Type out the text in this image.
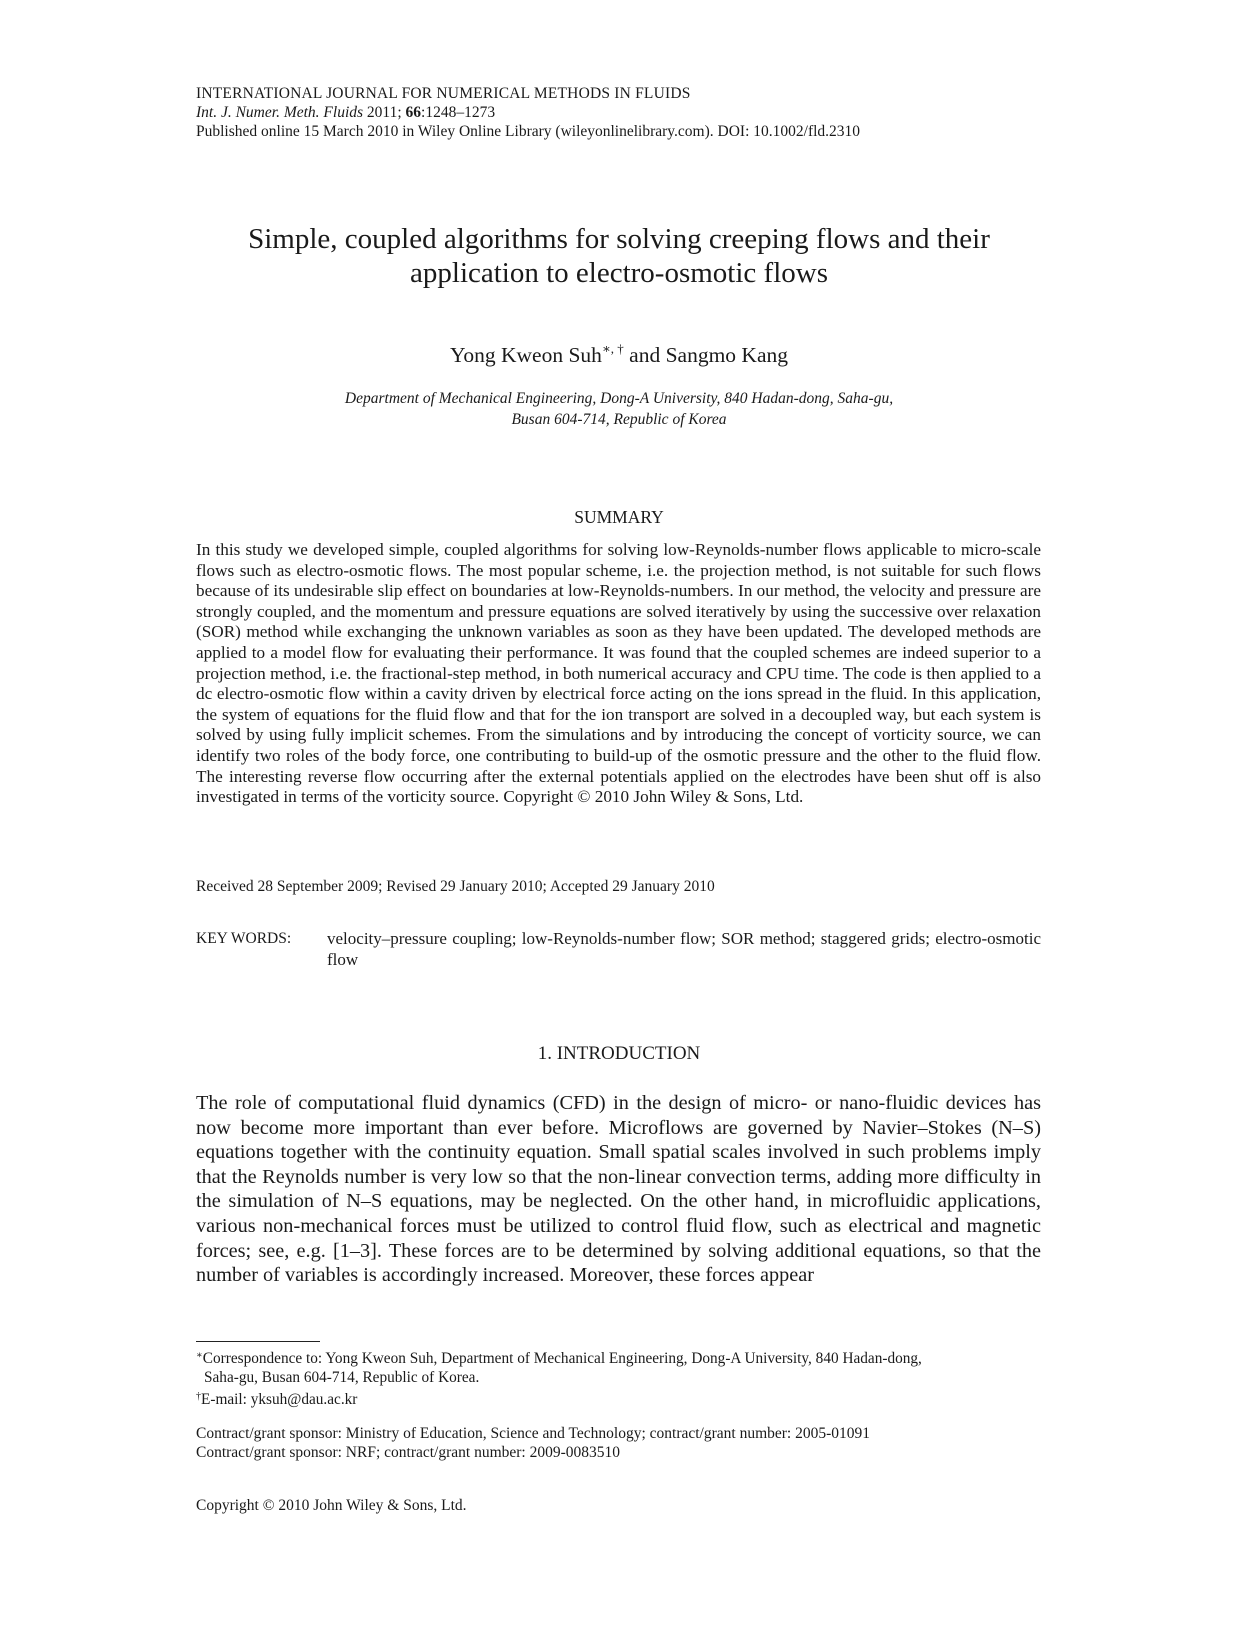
INTERNATIONAL JOURNAL FOR NUMERICAL METHODS IN FLUIDS
Int. J. Numer. Meth. Fluids 2011; 66:1248–1273
Published online 15 March 2010 in Wiley Online Library (wileyonlinelibrary.com). DOI: 10.1002/fld.2310
Simple, coupled algorithms for solving creeping flows and their
application to electro-osmotic flows
Yong Kweon Suh∗, † and Sangmo Kang
Department of Mechanical Engineering, Dong-A University, 840 Hadan-dong, Saha-gu,
Busan 604-714, Republic of Korea
SUMMARY
In this study we developed simple, coupled algorithms for solving low-Reynolds-number flows applicable to micro-scale flows such as electro-osmotic flows. The most popular scheme, i.e. the projection method, is not suitable for such flows because of its undesirable slip effect on boundaries at low-Reynolds-numbers. In our method, the velocity and pressure are strongly coupled, and the momentum and pressure equations are solved iteratively by using the successive over relaxation (SOR) method while exchanging the unknown variables as soon as they have been updated. The developed methods are applied to a model flow for evaluating their performance. It was found that the coupled schemes are indeed superior to a projection method, i.e. the fractional-step method, in both numerical accuracy and CPU time. The code is then applied to a dc electro-osmotic flow within a cavity driven by electrical force acting on the ions spread in the fluid. In this application, the system of equations for the fluid flow and that for the ion transport are solved in a decoupled way, but each system is solved by using fully implicit schemes. From the simulations and by introducing the concept of vorticity source, we can identify two roles of the body force, one contributing to build-up of the osmotic pressure and the other to the fluid flow. The interesting reverse flow occurring after the external potentials applied on the electrodes have been shut off is also investigated in terms of the vorticity source. Copyright © 2010 John Wiley & Sons, Ltd.
Received 28 September 2009; Revised 29 January 2010; Accepted 29 January 2010
KEY WORDS:	velocity–pressure coupling; low-Reynolds-number flow; SOR method; staggered grids; electro-osmotic flow
1. INTRODUCTION
The role of computational fluid dynamics (CFD) in the design of micro- or nano-fluidic devices has now become more important than ever before. Microflows are governed by Navier–Stokes (N–S) equations together with the continuity equation. Small spatial scales involved in such problems imply that the Reynolds number is very low so that the non-linear convection terms, adding more difficulty in the simulation of N–S equations, may be neglected. On the other hand, in microfluidic applications, various non-mechanical forces must be utilized to control fluid flow, such as electrical and magnetic forces; see, e.g. [1–3]. These forces are to be determined by solving additional equations, so that the number of variables is accordingly increased. Moreover, these forces appear
∗Correspondence to: Yong Kweon Suh, Department of Mechanical Engineering, Dong-A University, 840 Hadan-dong,
Saha-gu, Busan 604-714, Republic of Korea.
†E-mail: yksuh@dau.ac.kr
Contract/grant sponsor: Ministry of Education, Science and Technology; contract/grant number: 2005-01091
Contract/grant sponsor: NRF; contract/grant number: 2009-0083510
Copyright © 2010 John Wiley & Sons, Ltd.
